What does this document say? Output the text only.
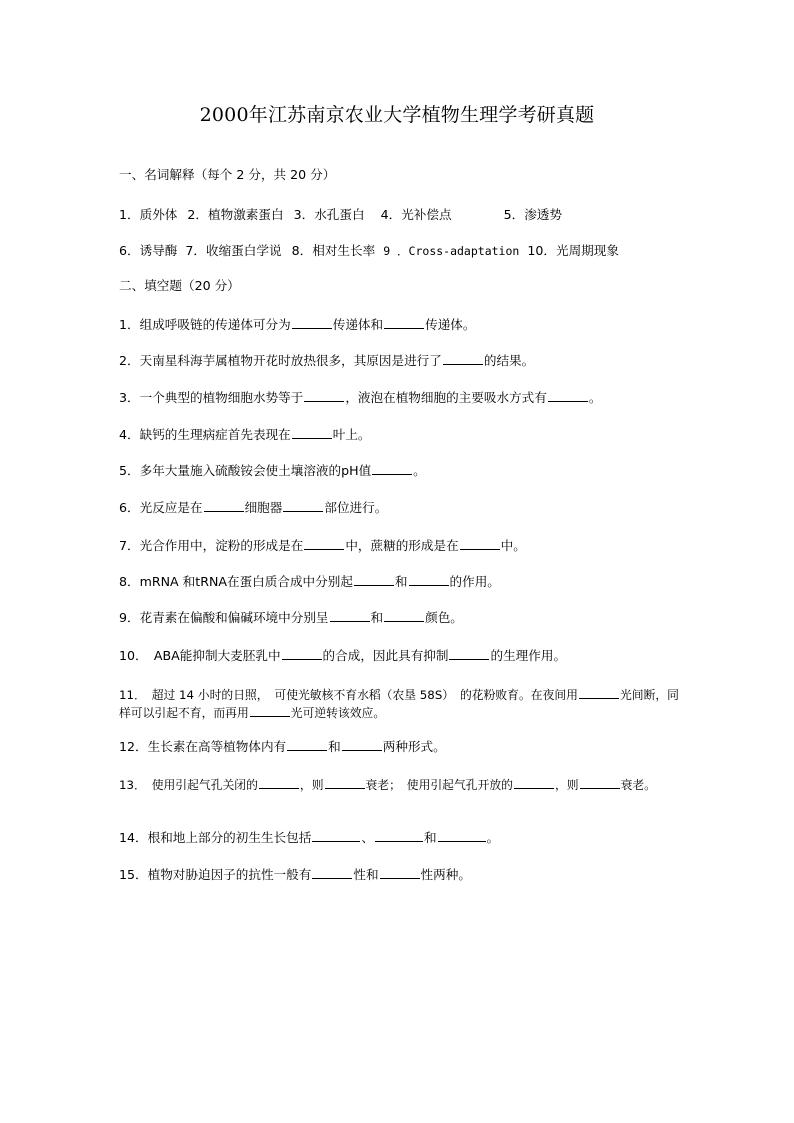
2000年江苏南京农业大学植物生理学考研真题
一、名词解释（每个 2 分，共 20 分）
1．质外体 2．植物激素蛋白 3．水孔蛋白 4．光补偿点	5．渗透势
6．诱导酶 7．收缩蛋白学说 8．相对生长率 9 ．Cross-adaptation 10．光周期现象
二、填空题（20 分）
1．组成呼吸链的传递体可分为	传递体和	传递体。
2．天南星科海芋属植物开花时放热很多，其原因是进行了	的结果。
3．一个典型的植物细胞水势等于	，液泡在植物细胞的主要吸水方式有	。
4．缺钙的生理病症首先表现在	叶上。
5．多年大量施入硫酸铵会使土壤溶液的pH值	。
6．光反应是在	细胞器	部位进行。
7．光合作用中，淀粉的形成是在	中，蔗糖的形成是在	中。
8．mRNA 和tRNA在蛋白质合成中分别起	和	的作用。
9．花青素在偏酸和偏碱环境中分别呈	和	颜色。
10．　ABA能抑制大麦胚乳中	的合成，因此具有抑制	的生理作用。
11．　超过 14 小时的日照，　可使光敏核不育水稻（农垦 58S）　的花粉败育。在夜间用	光间断，同样可以引起不育，而再用	光可逆转该效应。
12．生长素在高等植物体内有	和	两种形式。
13．　使用引起气孔关闭的	，则	衰老；　使用引起气孔开放的	，则	衰老。
14．根和地上部分的初生生长包括	、	和	。
15．植物对胁迫因子的抗性一般有	性和	性两种。
